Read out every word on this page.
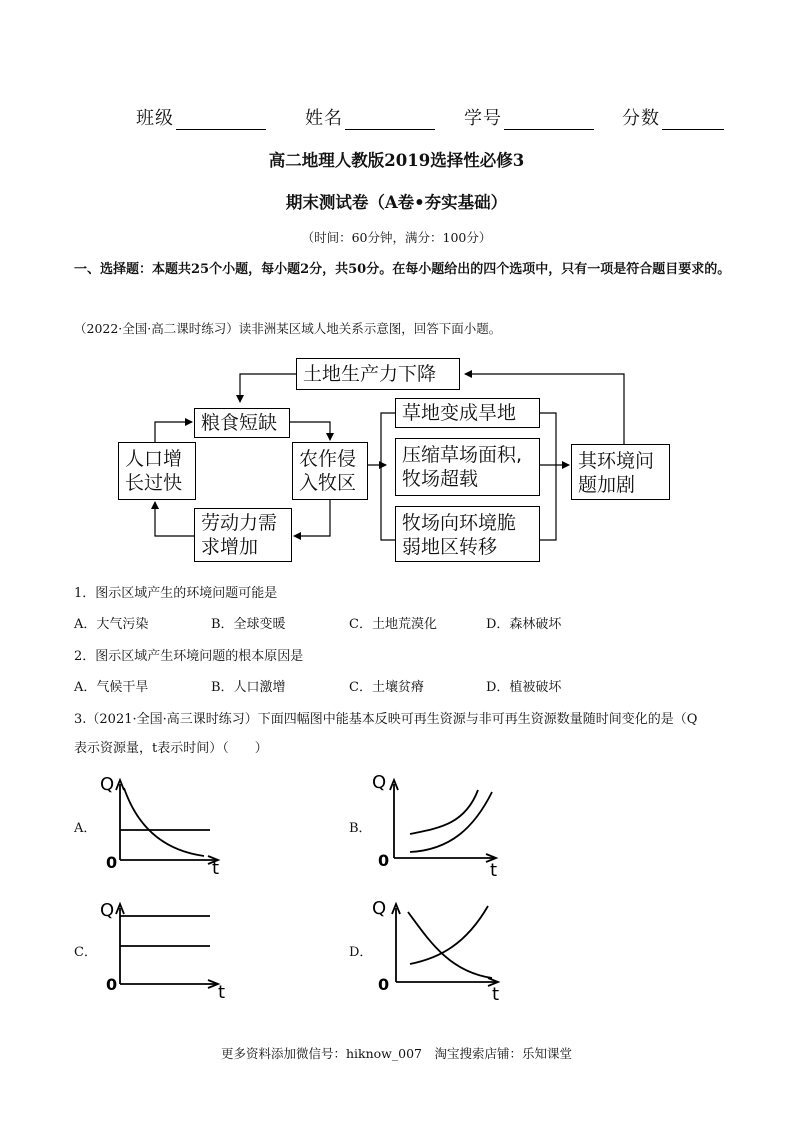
班级	姓名	学号	分数
高二地理人教版2019选择性必修3
期末测试卷（A卷•夯实基础）
（时间：60分钟，满分：100分）
一、选择题：本题共25个小题，每小题2分，共50分。在每小题给出的四个选项中，只有一项是符合题目要求的。
（2022·全国·高二课时练习）读非洲某区域人地关系示意图，回答下面小题。
土地生产力下降
粮食短缺
人口增
长过快
农作侵
入牧区
劳动力需
求增加
草地变成旱地
压缩草场面积,
牧场超载
牧场向环境脆
弱地区转移
其环境问
题加剧
1．图示区域产生的环境问题可能是
A．大气污染	B．全球变暖	C．土地荒漠化	D．森林破坏
2．图示区域产生环境问题的根本原因是
A．气候干旱	B．人口激增	C．土壤贫瘠	D．植被破坏
3.（2021·全国·高三课时练习）下面四幅图中能基本反映可再生资源与非可再生资源数量随时间变化的是（Q
表示资源量，t表示时间）（　　）
A．	B．
C．	D．
Q
0	t
Q
0	t
Q
0	t
Q
0	t
更多资料添加微信号：hiknow_007　淘宝搜索店铺：乐知课堂
